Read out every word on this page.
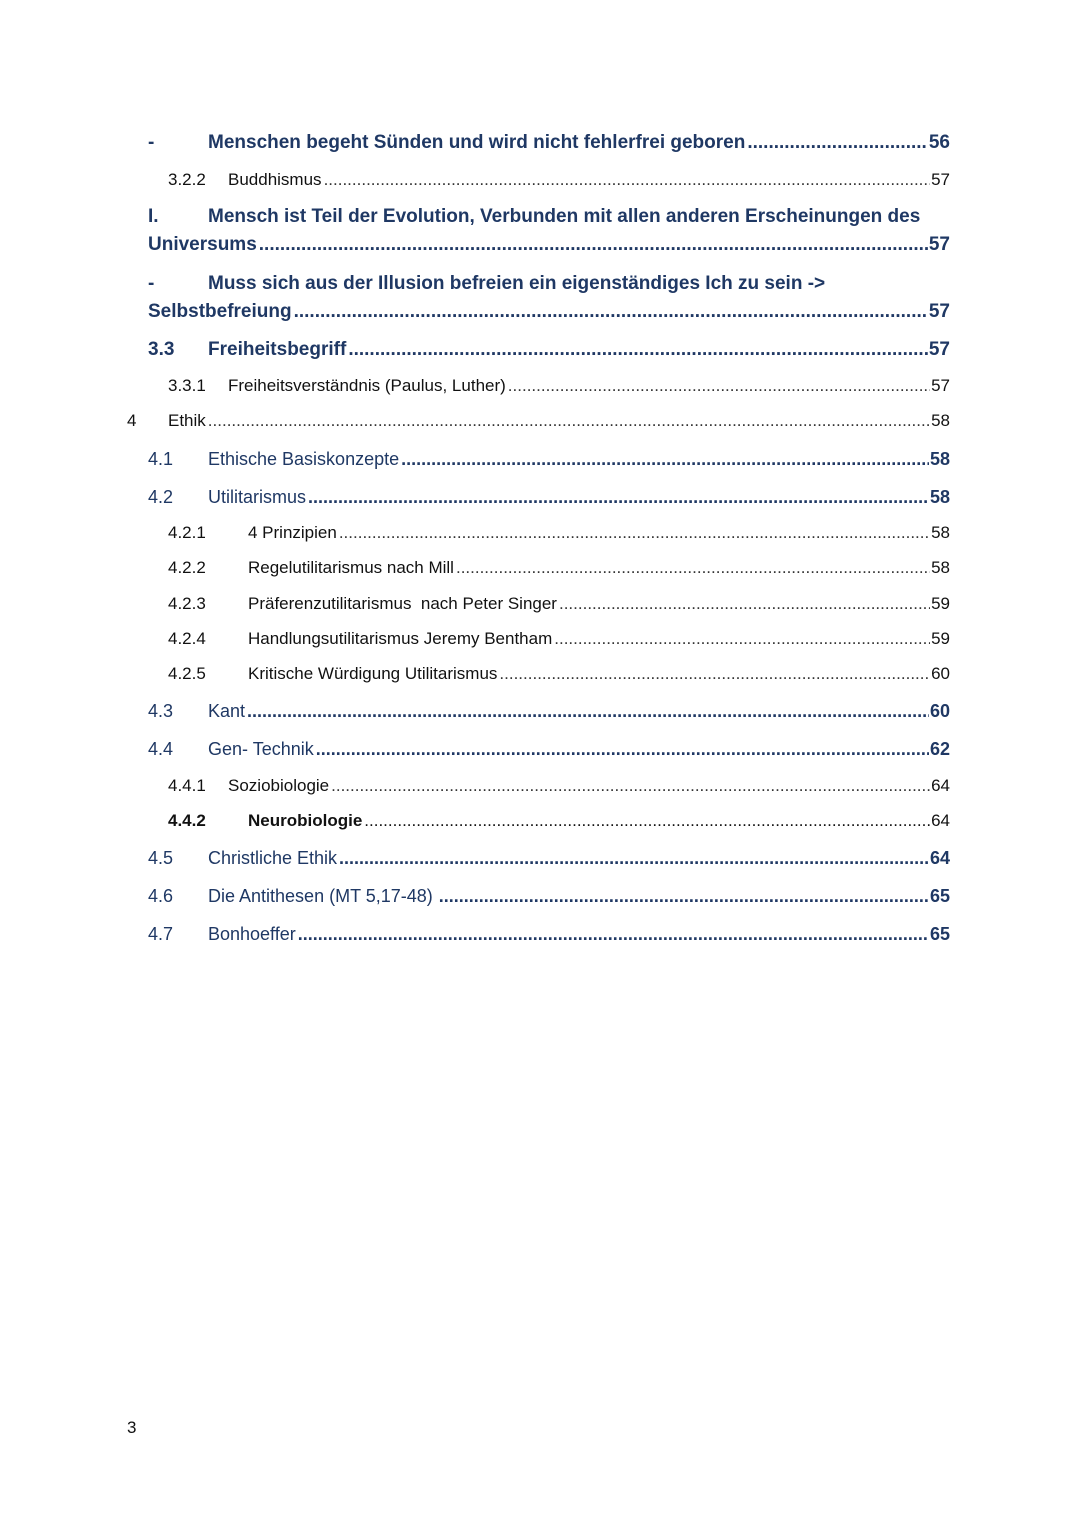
-	Menschen begeht Sünden und wird nicht fehlerfrei geboren .....	56
3.2.2	Buddhismus .....	57
I.	Mensch ist Teil der Evolution, Verbunden mit allen anderen Erscheinungen des
Universums .....	57
-	Muss sich aus der Illusion befreien ein eigenständiges Ich zu sein ->
Selbstbefreiung .....	57
3.3	Freiheitsbegriff .....	57
3.3.1	Freiheitsverständnis (Paulus, Luther) .....	57
4	Ethik .....	58
4.1	Ethische Basiskonzepte .....	58
4.2	Utilitarismus .....	58
4.2.1	4 Prinzipien .....	58
4.2.2	Regelutilitarismus nach Mill .....	58
4.2.3	Präferenzutilitarismus  nach Peter Singer .....	59
4.2.4	Handlungsutilitarismus Jeremy Bentham .....	59
4.2.5	Kritische Würdigung Utilitarismus .....	60
4.3	Kant .....	60
4.4	Gen- Technik .....	62
4.4.1	Soziobiologie .....	64
4.4.2	Neurobiologie .....	64
4.5	Christliche Ethik .....	64
4.6	Die Antithesen (MT 5,17-48) .....	65
4.7	Bonhoeffer .....	65
3
